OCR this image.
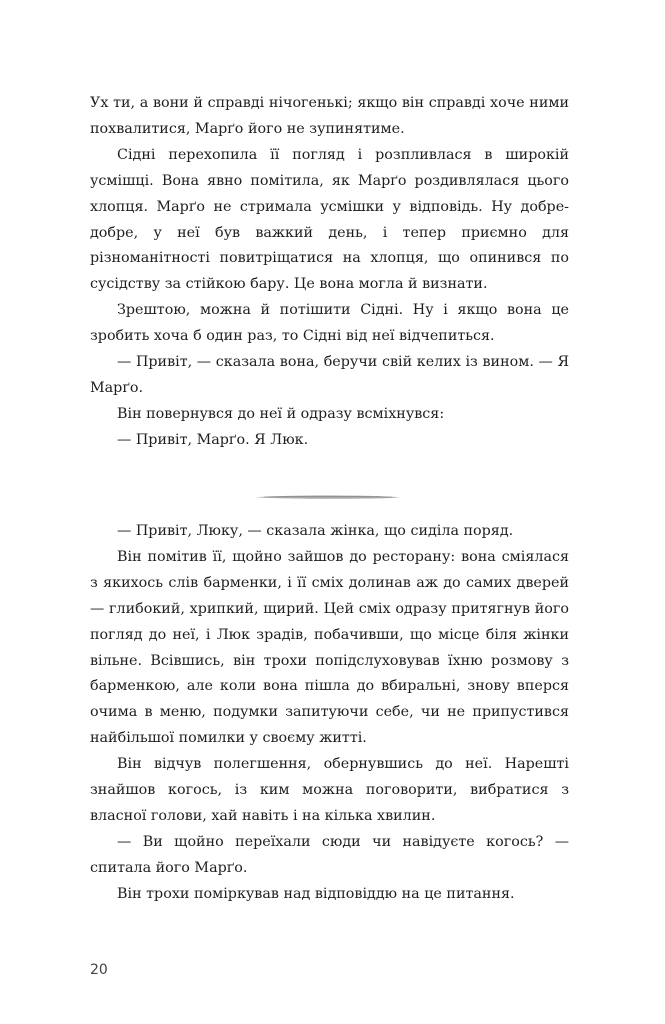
Ух ти, а вони й справді нічогенькі; якщо він справді хоче ними похвалитися, Марґо його не зупинятиме.

Сідні перехопила її погляд і розпливлася в широкій усмішці. Вона явно помітила, як Марґо роздивлялася цього хлопця. Марґо не стримала усмішки у відповідь. Ну добре-добре, у неї був важкий день, і тепер приємно для різноманітності повитріщатися на хлопця, що опинився по сусідству за стійкою бару. Це вона могла й визнати.

Зрештою, можна й потішити Сідні. Ну і якщо вона це зробить хоча б один раз, то Сідні від неї відчепиться.

— Привіт, — сказала вона, беручи свій келих із вином. — Я Марґо.

Він повернувся до неї й одразу всміхнувся:

— Привіт, Марґо. Я Люк.

— Привіт, Люку, — сказала жінка, що сиділа поряд.

Він помітив її, щойно зайшов до ресторану: вона сміялася з якихось слів барменки, і її сміх долинав аж до самих дверей — глибокий, хрипкий, щирий. Цей сміх одразу притягнув його погляд до неї, і Люк зрадів, побачивши, що місце біля жінки вільне. Всівшись, він трохи попідслуховував їхню розмову з барменкою, але коли вона пішла до вбиральні, знову вперся очима в меню, подумки запитуючи себе, чи не припустився найбільшої помилки у своєму житті.

Він відчув полегшення, обернувшись до неї. Нарешті знайшов когось, із ким можна поговорити, вибратися з власної голови, хай навіть і на кілька хвилин.

— Ви щойно переїхали сюди чи навідуєте когось? — спитала його Марґо.

Він трохи поміркував над відповіддю на це питання.

20
